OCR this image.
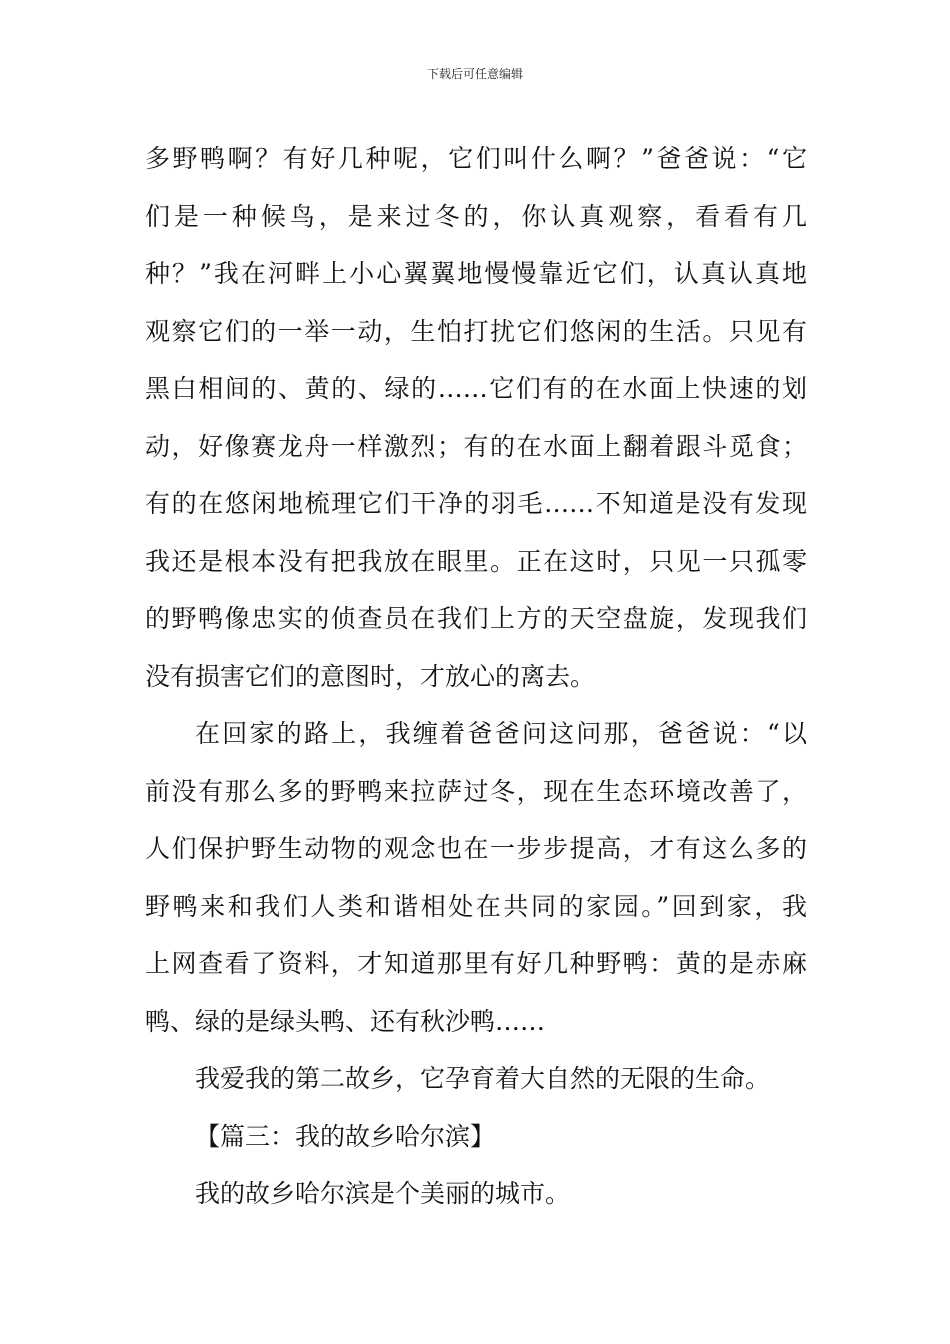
下载后可任意编辑
多野鸭啊？有好几种呢，它们叫什么啊？”爸爸说：“它
们是一种候鸟，是来过冬的，你认真观察，看看有几
种？”我在河畔上小心翼翼地慢慢靠近它们，认真认真地
观察它们的一举一动，生怕打扰它们悠闲的生活。只见有
黑白相间的、黄的、绿的……它们有的在水面上快速的划
动，好像赛龙舟一样激烈；有的在水面上翻着跟斗觅食；
有的在悠闲地梳理它们干净的羽毛……不知道是没有发现
我还是根本没有把我放在眼里。正在这时，只见一只孤零
的野鸭像忠实的侦查员在我们上方的天空盘旋，发现我们
没有损害它们的意图时，才放心的离去。
在回家的路上，我缠着爸爸问这问那，爸爸说：“以
前没有那么多的野鸭来拉萨过冬，现在生态环境改善了，
人们保护野生动物的观念也在一步步提高，才有这么多的
野鸭来和我们人类和谐相处在共同的家园。”回到家，我
上网查看了资料，才知道那里有好几种野鸭：黄的是赤麻
鸭、绿的是绿头鸭、还有秋沙鸭……
我爱我的第二故乡，它孕育着大自然的无限的生命。
【篇三：我的故乡哈尔滨】
我的故乡哈尔滨是个美丽的城市。
